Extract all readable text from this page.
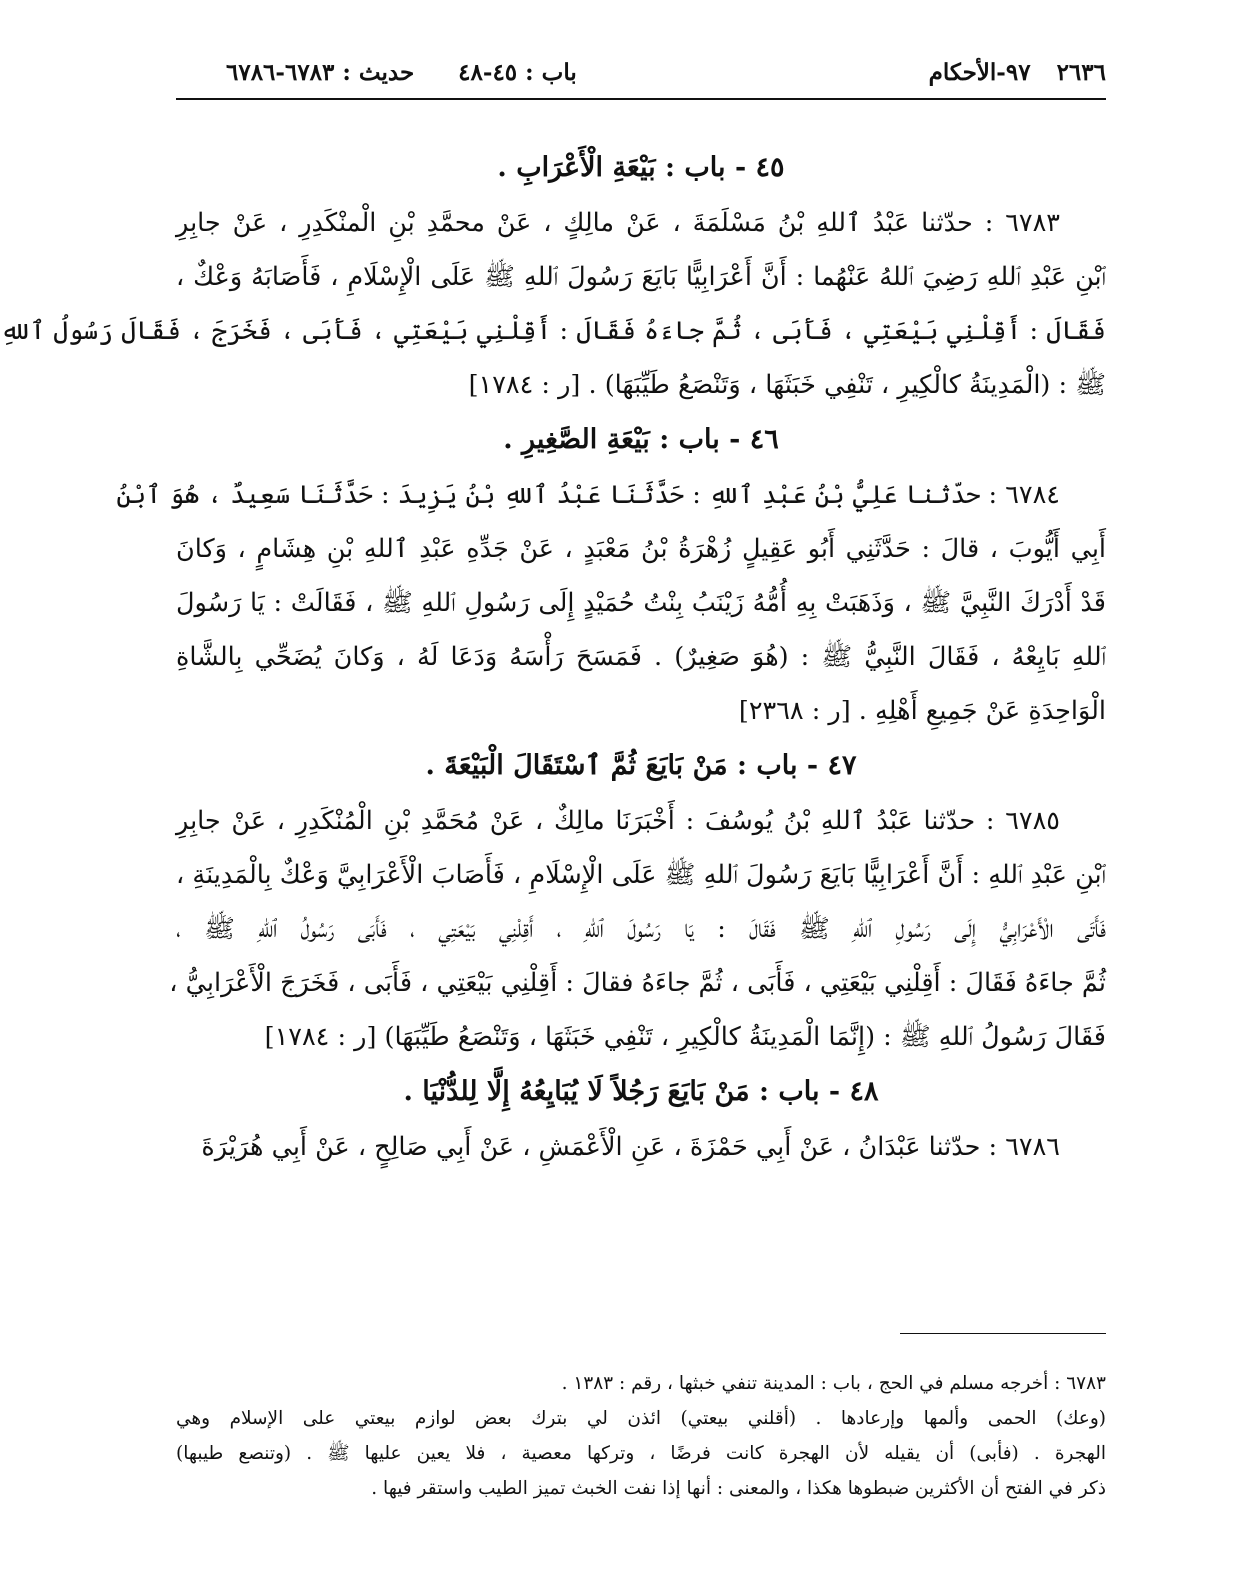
٢٦٣٦
٩٧-الأحكام
باب : ٤٥-٤٨
حديث : ٦٧٨٣-٦٧٨٦
٤٥ - باب : بَيْعَةِ الْأَعْرَابِ .
٦٧٨٣ : حدّثنا عَبْدُ ٱللهِ بْنُ مَسْلَمَةَ ، عَنْ مالِكٍ ، عَنْ محمَّدِ بْنِ الْمنْكَدِرِ ، عَنْ جابِرِ
ٱبْنِ عَبْدِ ٱللهِ رَضِيَ ٱللهُ عَنْهُما : أَنَّ أَعْرَابِيًّا بَايَعَ رَسُولَ ٱللهِ ﷺ عَلَى الْإِسْلَامِ ، فَأَصَابَهُ وَعْكٌ ،
فَقَالَ : أَقِلْنِي بَيْعَتِي ، فَأَبَى ، ثُمَّ جاءَهُ فَقَالَ : أَقِلْنِي بَيْعَتِي ، فَأَبَى ، فَخَرَجَ ، فَقَالَ رَسُولُ ٱللهِ
ﷺ : (الْمَدِينَةُ كالْكِيرِ ، تَنْفِي خَبَثَهَا ، وَتَنْصَعُ طَيِّبَهَا) . [ر : ١٧٨٤]
٤٦ - باب : بَيْعَةِ الصَّغِيرِ .
٦٧٨٤ : حدّثنا عَلِيُّ بْنُ عَبْدِ ٱللهِ : حَدَّثَنَا عَبْدُ ٱللهِ بْنُ يَزِيدَ : حَدَّثَنَا سَعِيدٌ ، هُوَ ٱبْنُ
أَبِي أَيُّوبَ ، قالَ : حَدَّثَنِي أَبُو عَقِيلٍ زُهْرَةُ بْنُ مَعْبَدٍ ، عَنْ جَدِّهِ عَبْدِ ٱللهِ بْنِ هِشَامٍ ، وَكانَ
قَدْ أَدْرَكَ النَّبِيَّ ﷺ ، وَذَهَبَتْ بِهِ أُمُّهُ زَيْنَبُ بِنْتُ حُمَيْدٍ إِلَى رَسُولِ ٱللهِ ﷺ ، فَقَالَتْ : يَا رَسُولَ
ٱللهِ بَايِعْهُ ، فَقَالَ النَّبِيُّ ﷺ : (هُوَ صَغِيرٌ) . فَمَسَحَ رَأْسَهُ وَدَعَا لَهُ ، وَكانَ يُضَحِّي بِالشَّاةِ
الْوَاحِدَةِ عَنْ جَمِيعِ أَهْلِهِ . [ر : ٢٣٦٨]
٤٧ - باب : مَنْ بَايَعَ ثُمَّ ٱسْتَقَالَ الْبَيْعَةَ .
٦٧٨٥ : حدّثنا عَبْدُ ٱللهِ بْنُ يُوسُفَ : أَخْبَرَنَا مالِكٌ ، عَنْ مُحَمَّدِ بْنِ الْمُنْكَدِرِ ، عَنْ جابِرِ
ٱبْنِ عَبْدِ ٱللهِ : أَنَّ أَعْرَابِيًّا بَايَعَ رَسُولَ ٱللهِ ﷺ عَلَى الْإِسْلَامِ ، فَأَصَابَ الْأَعْرَابِيَّ وَعْكٌ بِالْمَدِينَةِ ،
فَأَتَى الْأَعْرَابِيُّ إِلَى رَسُولِ ٱللهِ ﷺ فَقَالَ : يَا رَسُولَ ٱللهِ ، أَقِلْنِي بَيْعَتِي ، فَأَبَى رَسُولُ ٱللهِ ﷺ ،
ثُمَّ جاءَهُ فَقَالَ : أَقِلْنِي بَيْعَتِي ، فَأَبَى ، ثُمَّ جاءَهُ فقالَ : أَقِلْنِي بَيْعَتِي ، فَأَبَى ، فَخَرَجَ الْأَعْرَابِيُّ ،
فَقَالَ رَسُولُ ٱللهِ ﷺ : (إِنَّمَا الْمَدِينَةُ كالْكِيرِ ، تَنْفِي خَبَثَهَا ، وَتَنْصَعُ طَيِّبَهَا) [ر : ١٧٨٤]
٤٨ - باب : مَنْ بَايَعَ رَجُلاً لَا يُبَايِعُهُ إِلَّا لِلدُّنْيَا .
٦٧٨٦ : حدّثنا عَبْدَانُ ، عَنْ أَبِي حَمْزَةَ ، عَنِ الْأَعْمَشِ ، عَنْ أَبِي صَالِحٍ ، عَنْ أَبِي هُرَيْرَةَ
٦٧٨٣ : أخرجه مسلم في الحج ، باب : المدينة تنفي خبثها ، رقم : ١٣٨٣ .
(وعك) الحمى وألمها وإرعادها . (أقلني بيعتي) ائذن لي بترك بعض لوازم بيعتي على الإسلام وهي
الهجرة . (فأبى) أن يقيله لأن الهجرة كانت فرضًا ، وتركها معصية ، فلا يعين عليها ﷺ . (وتنصع طيبها)
ذكر في الفتح أن الأكثرين ضبطوها هكذا ، والمعنى : أنها إذا نفت الخبث تميز الطيب واستقر فيها .
